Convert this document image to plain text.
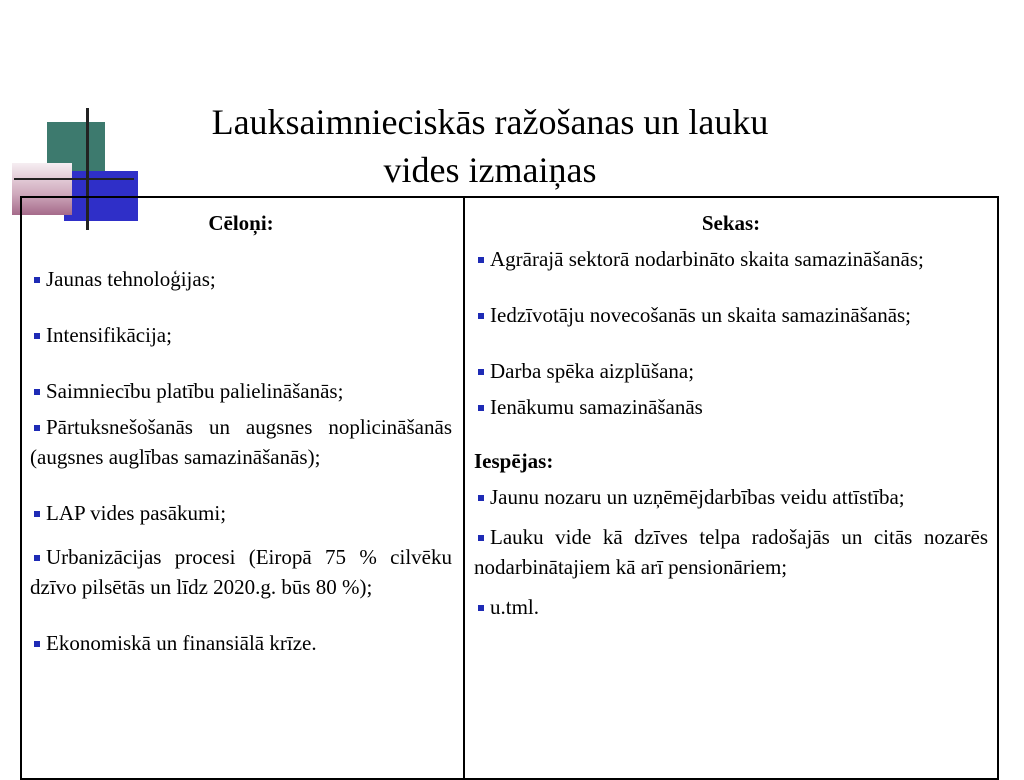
Lauksaimnieciskās ražošanas un lauku
vides izmaiņas

Cēloņi:

Jaunas tehnoloģijas;
Intensifikācija;
Saimniecību platību palielināšanās;
Pārtuksnešošanās un augsnes noplicināšanās (augsnes auglības samazināšanās);
LAP vides pasākumi;
Urbanizācijas procesi (Eiropā 75 % cilvēku dzīvo pilsētās un līdz 2020.g. būs 80 %);
Ekonomiskā un finansiālā krīze.

Sekas:

Agrārajā sektorā nodarbināto skaita samazināšanās;
Iedzīvotāju novecošanās un skaita samazināšanās;
Darba spēka aizplūšana;
Ienākumu samazināšanās

Iespējas:

Jaunu nozaru un uzņēmējdarbības veidu attīstība;
Lauku vide kā dzīves telpa radošajās un citās nozarēs nodarbinātajiem kā arī pensionāriem;
u.tml.
